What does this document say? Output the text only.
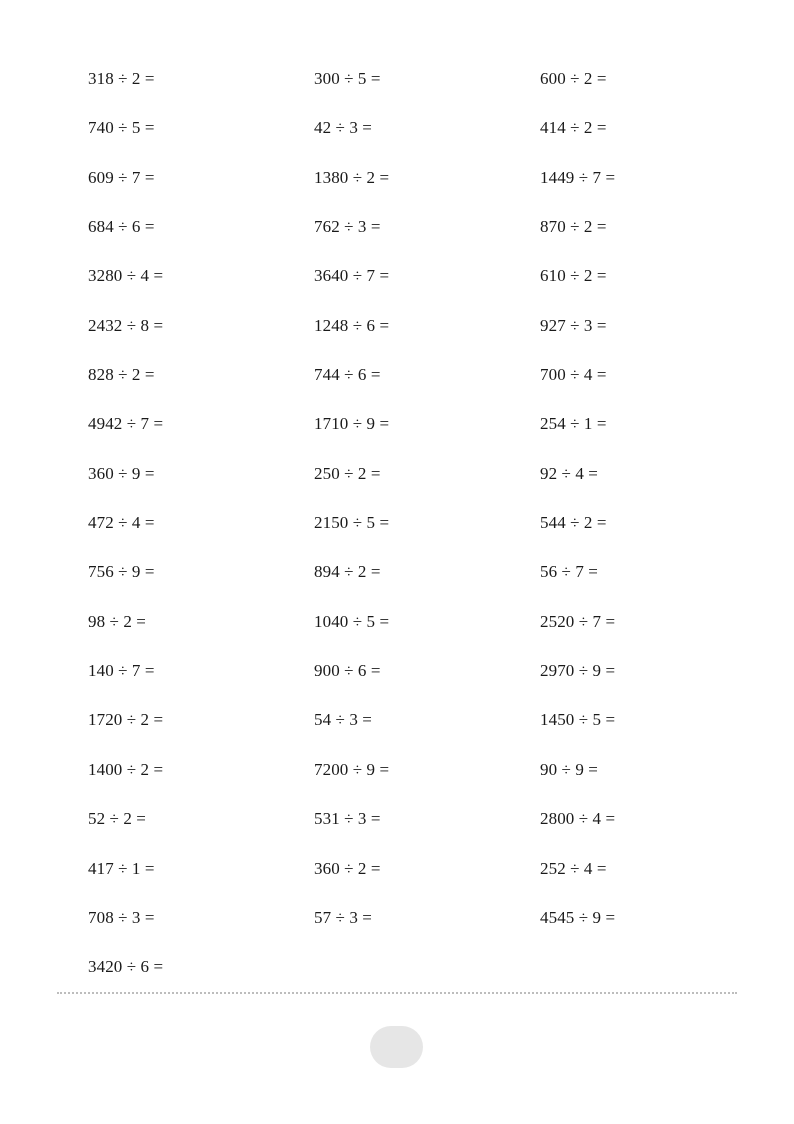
318 ÷ 2 =	300 ÷ 5 =	600 ÷ 2 =
740 ÷ 5 =	42 ÷ 3 =	414 ÷ 2 =
609 ÷ 7 =	1380 ÷ 2 =	1449 ÷ 7 =
684 ÷ 6 =	762 ÷ 3 =	870 ÷ 2 =
3280 ÷ 4 =	3640 ÷ 7 =	610 ÷ 2 =
2432 ÷ 8 =	1248 ÷ 6 =	927 ÷ 3 =
828 ÷ 2 =	744 ÷ 6 =	700 ÷ 4 =
4942 ÷ 7 =	1710 ÷ 9 =	254 ÷ 1 =
360 ÷ 9 =	250 ÷ 2 =	92 ÷ 4 =
472 ÷ 4 =	2150 ÷ 5 =	544 ÷ 2 =
756 ÷ 9 =	894 ÷ 2 =	56 ÷ 7 =
98 ÷ 2 =	1040 ÷ 5 =	2520 ÷ 7 =
140 ÷ 7 =	900 ÷ 6 =	2970 ÷ 9 =
1720 ÷ 2 =	54 ÷ 3 =	1450 ÷ 5 =
1400 ÷ 2 =	7200 ÷ 9 =	90 ÷ 9 =
52 ÷ 2 =	531 ÷ 3 =	2800 ÷ 4 =
417 ÷ 1 =	360 ÷ 2 =	252 ÷ 4 =
708 ÷ 3 =	57 ÷ 3 =	4545 ÷ 9 =
3420 ÷ 6 =
